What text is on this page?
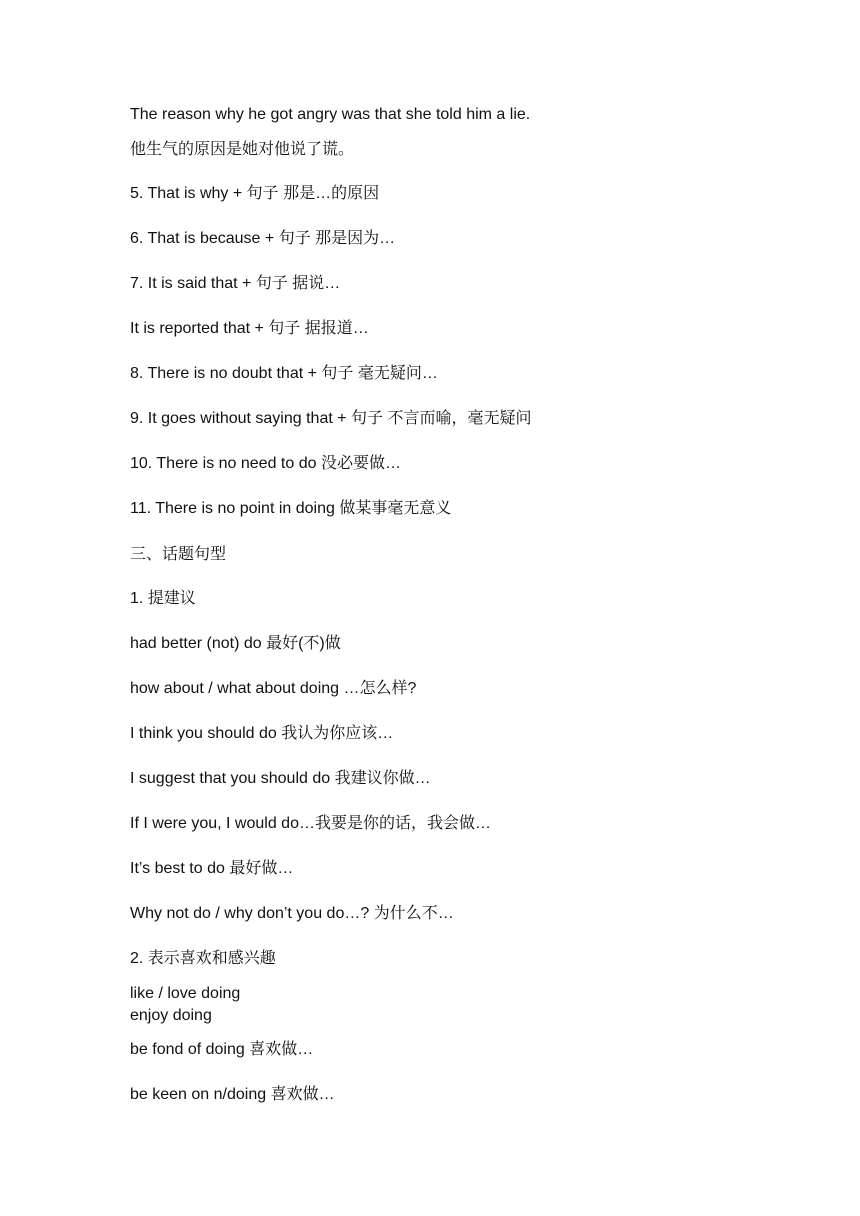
The reason why he got angry was that she told him a lie.
他生气的原因是她对他说了谎。
5. That is why + 句子 那是…的原因
6. That is because + 句子 那是因为…
7. It is said that + 句子 据说…
It is reported that + 句子 据报道…
8. There is no doubt that + 句子 毫无疑问…
9. It goes without saying that + 句子 不言而喻，毫无疑问
10. There is no need to do 没必要做…
11. There is no point in doing 做某事毫无意义
三、话题句型
1. 提建议
had better (not) do 最好(不)做
how about / what about doing …怎么样?
I think you should do 我认为你应该…
I suggest that you should do 我建议你做…
If I were you, I would do…我要是你的话，我会做…
It’s best to do 最好做…
Why not do / why don’t you do…? 为什么不…
2. 表示喜欢和感兴趣
like / love doing
enjoy doing
be fond of doing 喜欢做…
be keen on n/doing 喜欢做…
